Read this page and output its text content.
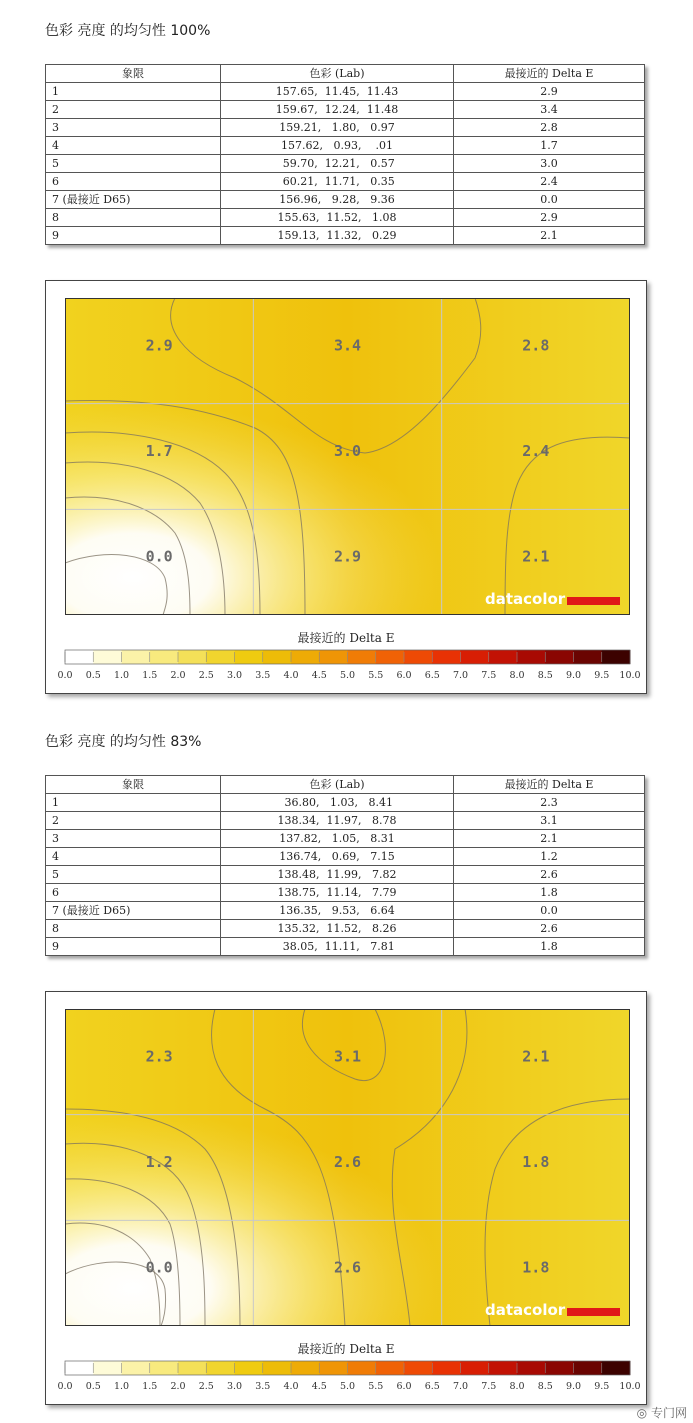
色彩 亮度 的均匀性 100%
象限	色彩 (Lab)	最接近的 Delta E
1	157.65,  11.45,  11.43	2.9
2	159.67,  12.24,  11.48	3.4
3	159.21,   1.80,   0.97	2.8
4	157.62,   0.93,    .01	1.7
5	59.70,  12.21,   0.57	3.0
6	60.21,  11.71,   0.35	2.4
7 (最接近 D65)	156.96,   9.28,   9.36	0.0
8	155.63,  11.52,   1.08	2.9
9	159.13,  11.32,   0.29	2.1
2.9	3.4	2.8
1.7	3.0	2.4
0.0	2.9	2.1
datacolor
最接近的 Delta E
0.0 0.5 1.0 1.5 2.0 2.5 3.0 3.5 4.0 4.5 5.0 5.5 6.0 6.5 7.0 7.5 8.0 8.5 9.0 9.5 10.0
色彩 亮度 的均匀性 83%
象限	色彩 (Lab)	最接近的 Delta E
1	36.80,   1.03,   8.41	2.3
2	138.34,  11.97,   8.78	3.1
3	137.82,   1.05,   8.31	2.1
4	136.74,   0.69,   7.15	1.2
5	138.48,  11.99,   7.82	2.6
6	138.75,  11.14,   7.79	1.8
7 (最接近 D65)	136.35,   9.53,   6.64	0.0
8	135.32,  11.52,   8.26	2.6
9	38.05,  11.11,   7.81	1.8
2.3	3.1	2.1
1.2	2.6	1.8
0.0	2.6	1.8
datacolor
最接近的 Delta E
0.0 0.5 1.0 1.5 2.0 2.5 3.0 3.5 4.0 4.5 5.0 5.5 6.0 6.5 7.0 7.5 8.0 8.5 9.0 9.5 10.0
◎ 专门网
